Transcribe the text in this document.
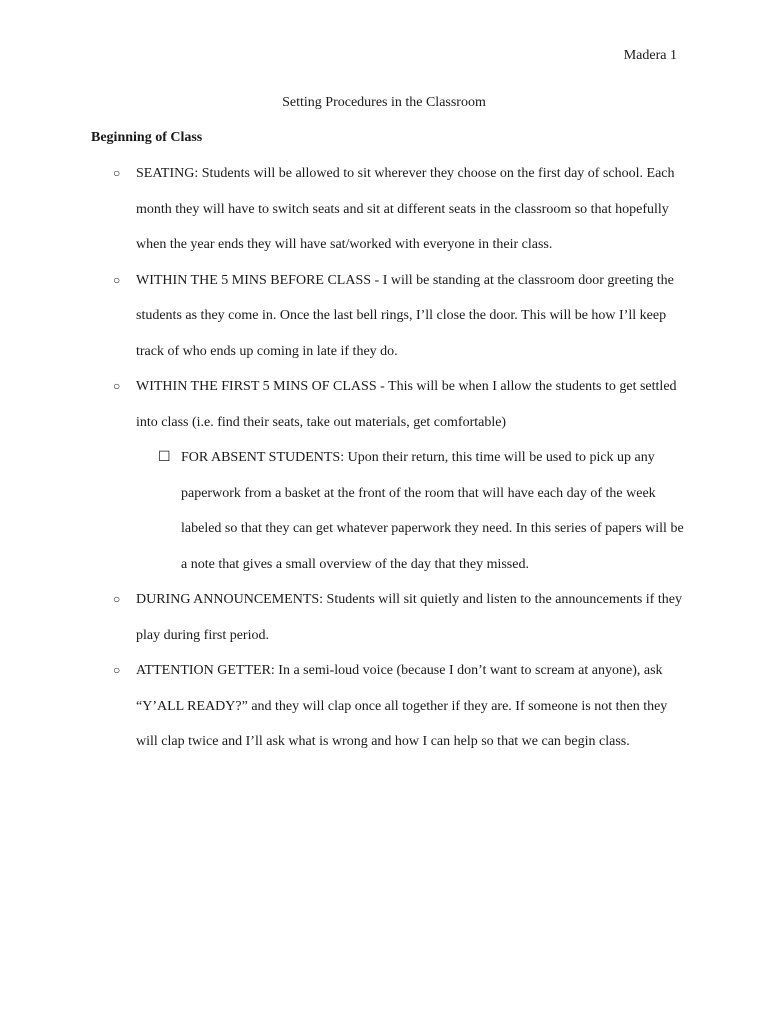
Madera 1
Setting Procedures in the Classroom
Beginning of Class
○ SEATING: Students will be allowed to sit wherever they choose on the first day of school. Each month they will have to switch seats and sit at different seats in the classroom so that hopefully when the year ends they will have sat/worked with everyone in their class.
○ WITHIN THE 5 MINS BEFORE CLASS - I will be standing at the classroom door greeting the students as they come in. Once the last bell rings, I’ll close the door. This will be how I’ll keep track of who ends up coming in late if they do.
○ WITHIN THE FIRST 5 MINS OF CLASS - This will be when I allow the students to get settled into class (i.e. find their seats, take out materials, get comfortable)
☐ FOR ABSENT STUDENTS: Upon their return, this time will be used to pick up any paperwork from a basket at the front of the room that will have each day of the week labeled so that they can get whatever paperwork they need. In this series of papers will be a note that gives a small overview of the day that they missed.
○ DURING ANNOUNCEMENTS: Students will sit quietly and listen to the announcements if they play during first period.
○ ATTENTION GETTER: In a semi-loud voice (because I don’t want to scream at anyone), ask “Y’ALL READY?” and they will clap once all together if they are. If someone is not then they will clap twice and I’ll ask what is wrong and how I can help so that we can begin class.
